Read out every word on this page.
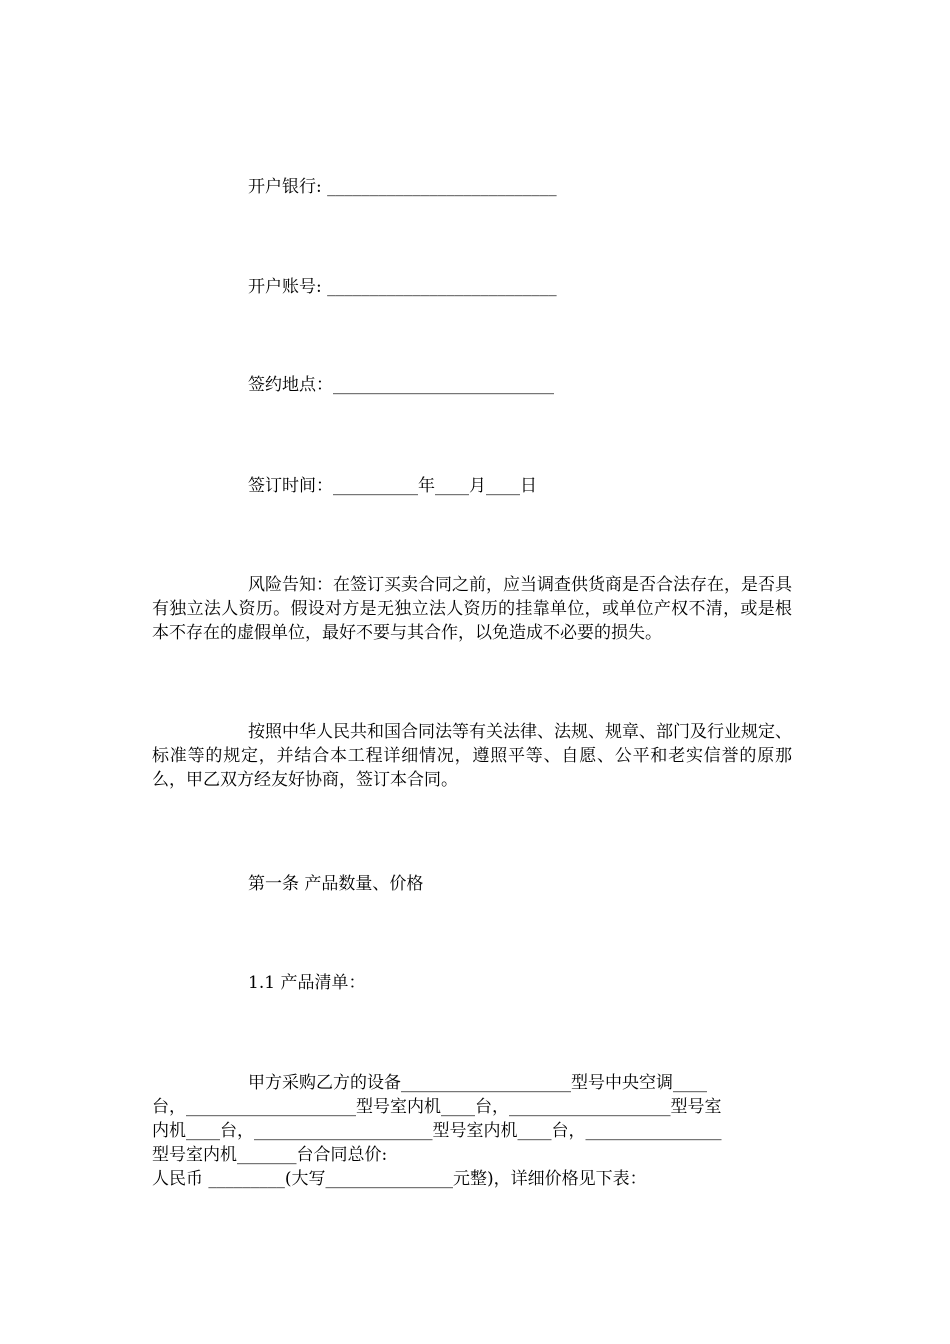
开户银行: ___________________________
开户账号: ___________________________
签约地点：__________________________
签订时间：__________年____月____日
风险告知：在签订买卖合同之前，应当调查供货商是否合法存在，是否具有独立法人资历。假设对方是无独立法人资历的挂靠单位，或单位产权不清，或是根本不存在的虚假单位，最好不要与其合作，以免造成不必要的损失。
按照中华人民共和国合同法等有关法律、法规、规章、部门及行业规定、标准等的规定，并结合本工程详细情况，遵照平等、自愿、公平和老实信誉的原那么，甲乙双方经友好协商，签订本合同。
第一条 产品数量、价格
1.1 产品清单：
甲方采购乙方的设备____________________型号中央空调____
台，____________________型号室内机____台，___________________型号室
内机____台，_____________________型号室内机____台，________________
型号室内机_______台合同总价:
人民币 _________(大写_______________元整)，详细价格见下表：
